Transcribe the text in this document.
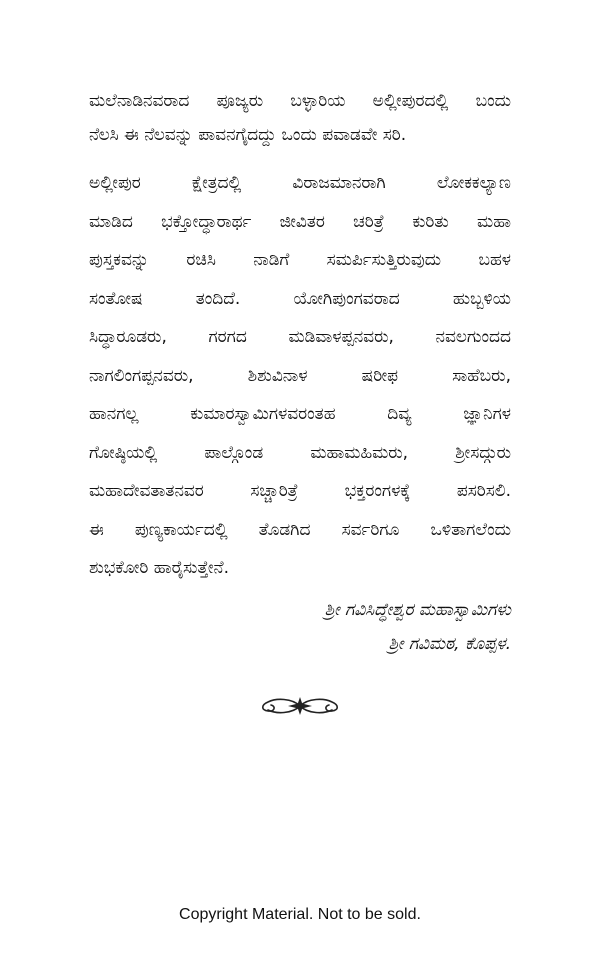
ಮಲೆನಾಡಿನವರಾದ ಪೂಜ್ಯರು ಬಳ್ಳಾರಿಯ ಅಲ್ಲೀಪುರದಲ್ಲಿ ಬಂದು
ನೆಲಸಿ ಈ ನೆಲವನ್ನು ಪಾವನಗೈದದ್ದು ಒಂದು ಪವಾಡವೇ ಸರಿ.
ಅಲ್ಲೀಪುರ ಕ್ಷೇತ್ರದಲ್ಲಿ ವಿರಾಜಮಾನರಾಗಿ ಲೋಕಕಲ್ಯಾಣ
ಮಾಡಿದ ಭಕ್ತೋದ್ಧಾರಾರ್ಥ ಜೀವಿತರ ಚರಿತ್ರೆ ಕುರಿತು ಮಹಾ
ಪುಸ್ತಕವನ್ನು ರಚಿಸಿ ನಾಡಿಗೆ ಸಮರ್ಪಿಸುತ್ತಿರುವುದು ಬಹಳ
ಸಂತೋಷ ತಂದಿದೆ. ಯೋಗಿಪುಂಗವರಾದ ಹುಬ್ಬಳಿಯ
ಸಿದ್ಧಾರೂಡರು, ಗರಗದ ಮಡಿವಾಳಪ್ಪನವರು, ನವಲಗುಂದದ
ನಾಗಲಿಂಗಪ್ಪನವರು, ಶಿಶುವಿನಾಳ ಷರೀಫ ಸಾಹೆಬರು,
ಹಾನಗಲ್ಲ ಕುಮಾರಸ್ವಾಮಿಗಳವರಂತಹ ದಿವ್ಯ ಜ್ಞಾನಿಗಳ
ಗೋಷ್ಠಿಯಲ್ಲಿ ಪಾಲ್ಗೊಂಡ ಮಹಾಮಹಿಮರು, ಶ್ರೀಸದ್ಗುರು
ಮಹಾದೇವತಾತನವರ ಸಚ್ಚಾರಿತ್ರೆ ಭಕ್ತರಂಗಳಕ್ಕೆ ಪಸರಿಸಲಿ.
ಈ ಪುಣ್ಯಕಾರ್ಯದಲ್ಲಿ ತೊಡಗಿದ ಸರ್ವರಿಗೂ ಒಳಿತಾಗಲೆಂದು
ಶುಭಕೋರಿ ಹಾರೈಸುತ್ತೇನೆ.
ಶ್ರೀ ಗವಿಸಿದ್ಧೇಶ್ವರ ಮಹಾಸ್ವಾಮಿಗಳು
ಶ್ರೀ ಗವಿಮಠ, ಕೊಪ್ಪಳ.
Copyright Material. Not to be sold.
